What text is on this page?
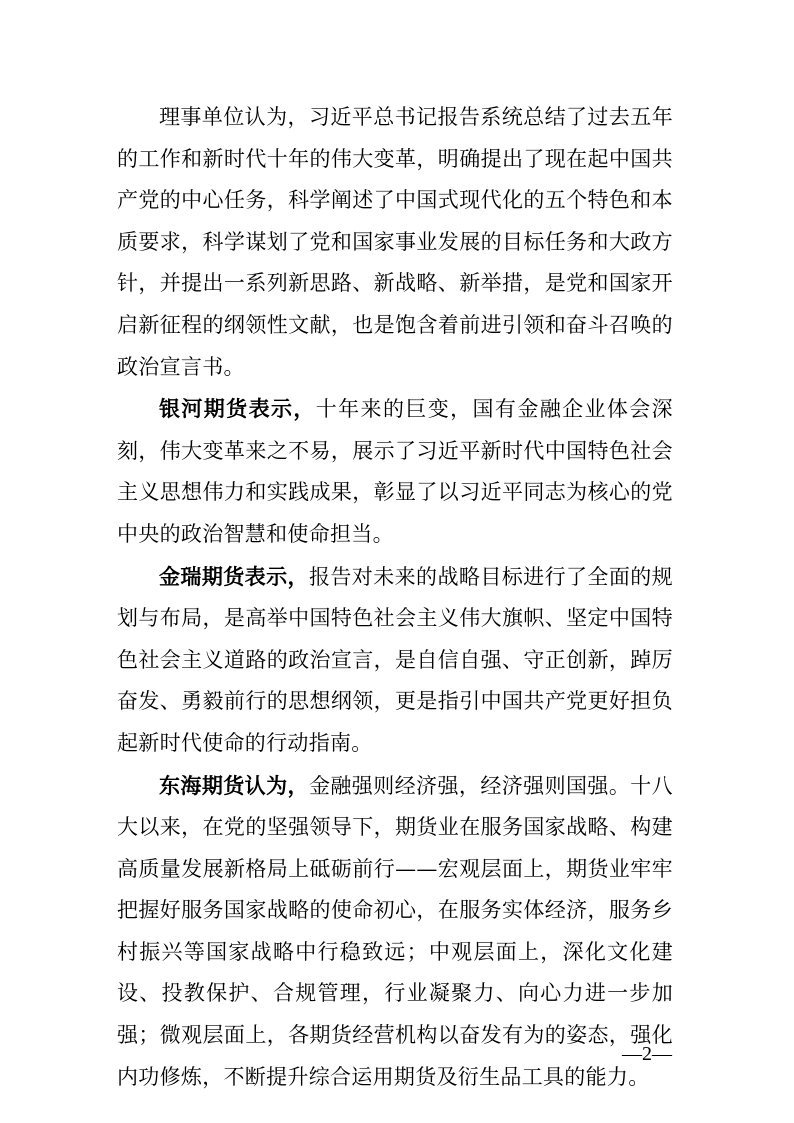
理事单位认为，习近平总书记报告系统总结了过去五年的工作和新时代十年的伟大变革，明确提出了现在起中国共产党的中心任务，科学阐述了中国式现代化的五个特色和本质要求，科学谋划了党和国家事业发展的目标任务和大政方针，并提出一系列新思路、新战略、新举措，是党和国家开启新征程的纲领性文献，也是饱含着前进引领和奋斗召唤的政治宣言书。

银河期货表示，十年来的巨变，国有金融企业体会深刻，伟大变革来之不易，展示了习近平新时代中国特色社会主义思想伟力和实践成果，彰显了以习近平同志为核心的党中央的政治智慧和使命担当。

金瑞期货表示，报告对未来的战略目标进行了全面的规划与布局，是高举中国特色社会主义伟大旗帜、坚定中国特色社会主义道路的政治宣言，是自信自强、守正创新，踔厉奋发、勇毅前行的思想纲领，更是指引中国共产党更好担负起新时代使命的行动指南。

东海期货认为，金融强则经济强，经济强则国强。十八大以来，在党的坚强领导下，期货业在服务国家战略、构建高质量发展新格局上砥砺前行——宏观层面上，期货业牢牢把握好服务国家战略的使命初心，在服务实体经济，服务乡村振兴等国家战略中行稳致远；中观层面上，深化文化建设、投教保护、合规管理，行业凝聚力、向心力进一步加强；微观层面上，各期货经营机构以奋发有为的姿态，强化内功修炼，不断提升综合运用期货及衍生品工具的能力。

—2—
